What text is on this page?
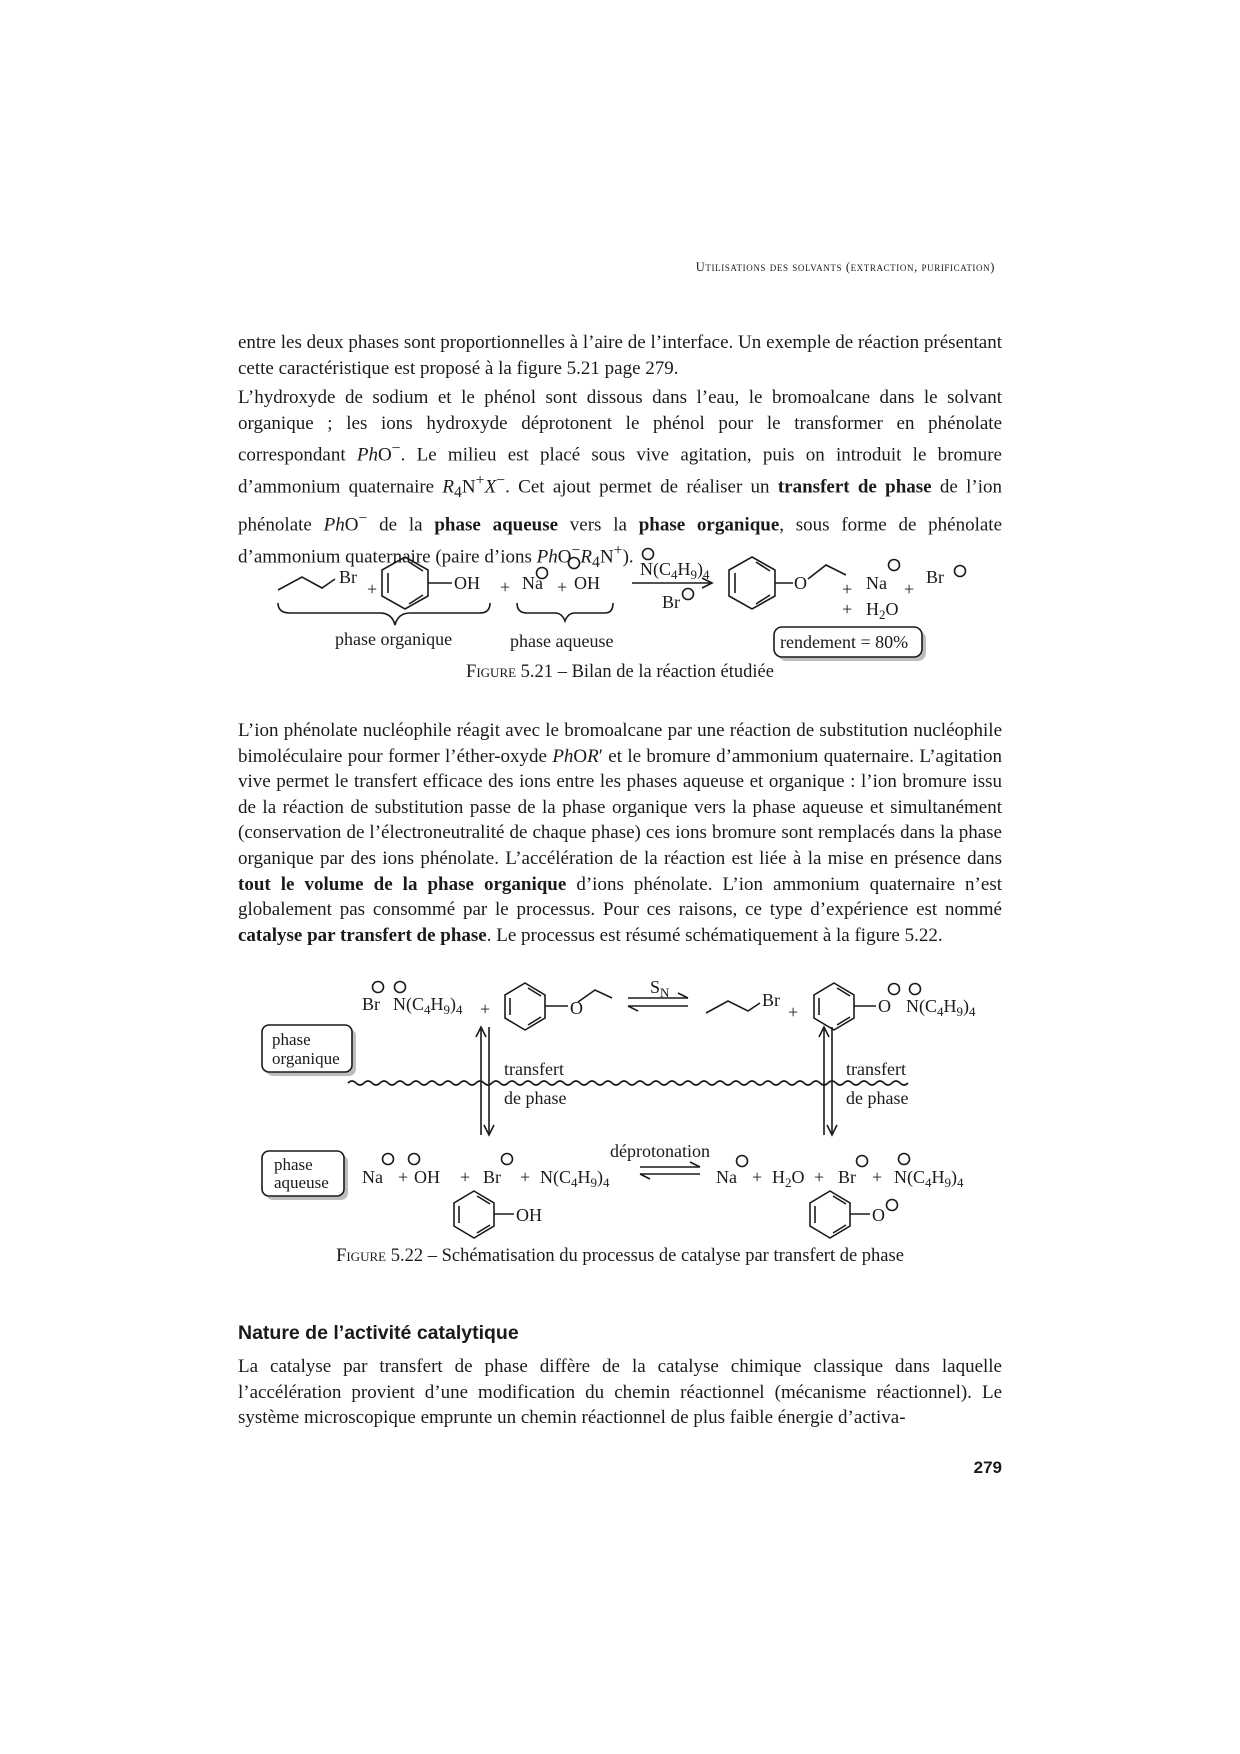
Utilisations des solvants (extraction, purification)

entre les deux phases sont proportionnelles à l’aire de l’interface. Un exemple de réaction présentant cette caractéristique est proposé à la figure 5.21 page 279.

L’hydroxyde de sodium et le phénol sont dissous dans l’eau, le bromoalcane dans le solvant organique ; les ions hydroxyde déprotonent le phénol pour le transformer en phénolate correspondant PhO−. Le milieu est placé sous vive agitation, puis on introduit le bromure d’ammonium quaternaire $R_4N^+X^-$. Cet ajout permet de réaliser un transfert de phase de l’ion phénolate PhO− de la phase aqueuse vers la phase organique, sous forme de phénolate d’ammonium quaternaire (paire d’ions $PhO^-R_4N^+$).

Br
+	OH + Na + OH
N(C4H9)4
Br
O + Na +
Br
+ H2O
phase organique	phase aqueuse	rendement = 80%
Figure 5.21 – Bilan de la réaction étudiée

L’ion phénolate nucléophile réagit avec le bromoalcane par une réaction de substitution nucléophile bimoléculaire pour former l’éther-oxyde PhOR′ et le bromure d’ammonium quaternaire. L’agitation vive permet le transfert efficace des ions entre les phases aqueuse et organique : l’ion bromure issu de la réaction de substitution passe de la phase organique vers la phase aqueuse et simultanément (conservation de l’électroneutralité de chaque phase) ces ions bromure sont remplacés dans la phase organique par des ions phénolate. L’accélération de la réaction est liée à la mise en présence dans tout le volume de la phase organique d’ions phénolate. L’ion ammonium quaternaire n’est globalement pas consommé par le processus. Pour ces raisons, ce type d’expérience est nommé catalyse par transfert de phase. Le processus est résumé schématiquement à la figure 5.22.

Br N(C4H9)4 +	O
SN	Br
+	O N(C4H9)4
phase
organique
phase
aqueuse
transfert
de phase
transfert
de phase
Na + OH + Br + N(C4H9)4
déprotonation
Na + H2O + Br + N(C4H9)4
OH	O
Figure 5.22 – Schématisation du processus de catalyse par transfert de phase
Nature de l’activité catalytique

La catalyse par transfert de phase diffère de la catalyse chimique classique dans laquelle l’accélération provient d’une modification du chemin réactionnel (mécanisme réactionnel). Le système microscopique emprunte un chemin réactionnel de plus faible énergie d’activa-

279
